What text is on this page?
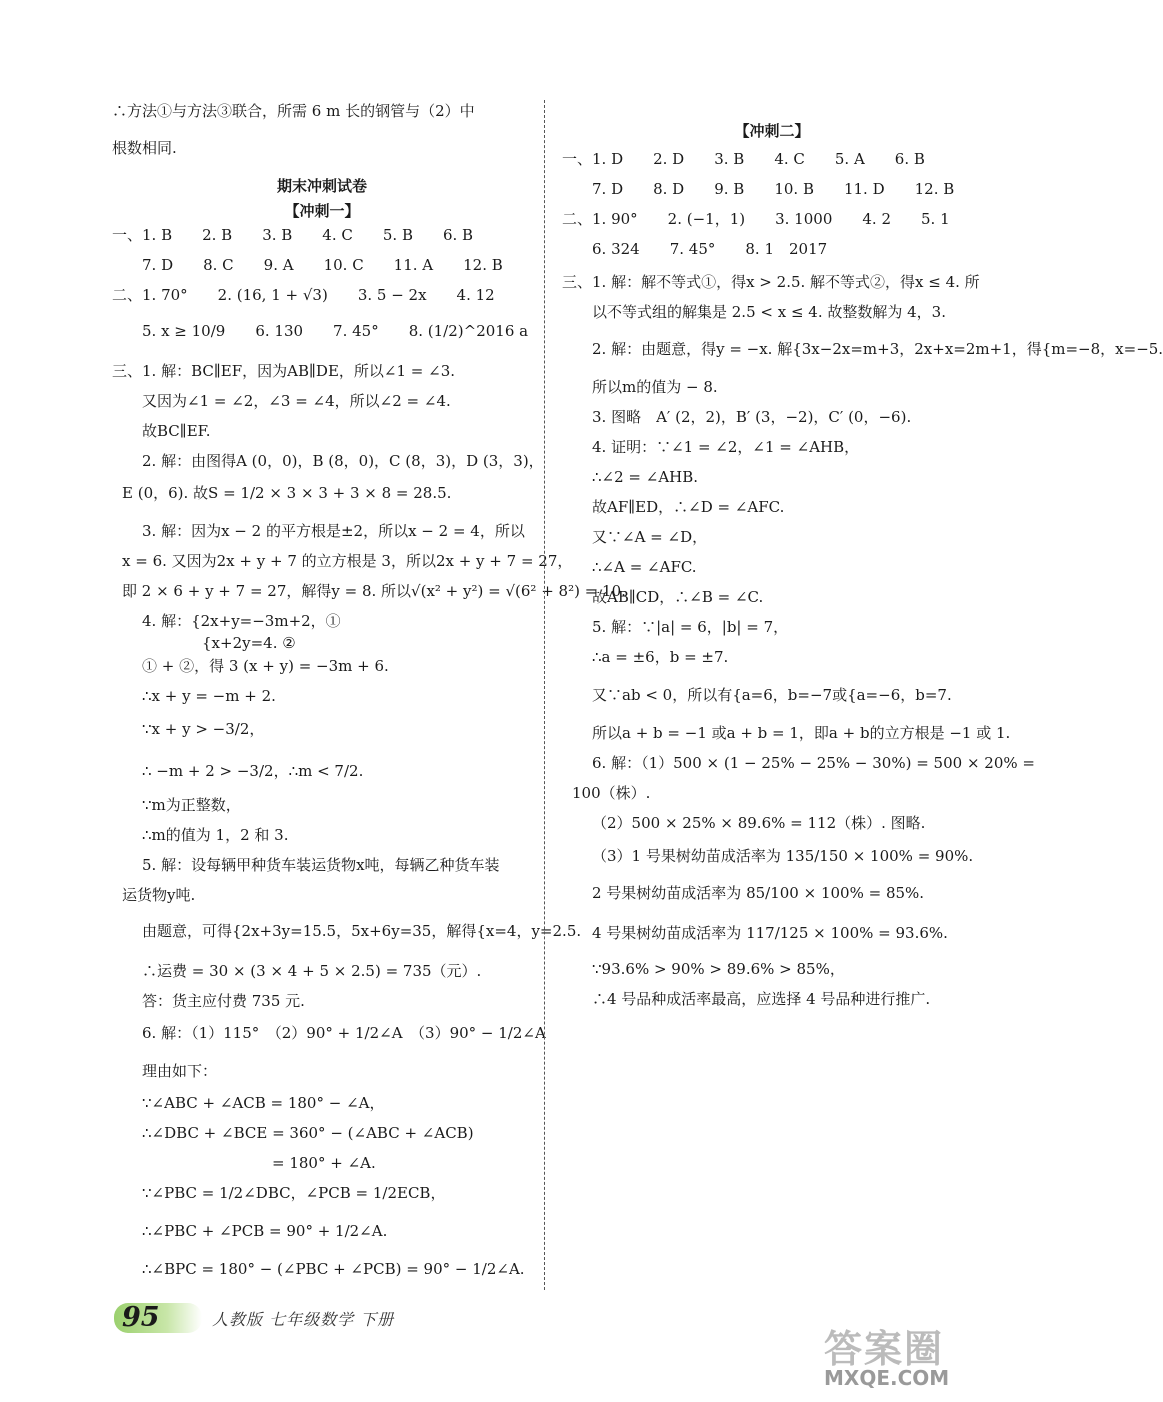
∴方法①与方法③联合，所需 6 m 长的钢管与（2）中
根数相同.
期末冲刺试卷
【冲刺一】
一、1. B　　2. B　　3. B　　4. C　　5. B　　6. B
7. D　　8. C　　9. A　　10. C　　11. A　　12. B
二、1. 70°　　2. (16, 1 + √3)　　3. 5 − 2x　　4. 12
5. x ≥ 10/9　　6. 130　　7. 45°　　8. (1/2)^2016 a
三、1. 解：BC∥EF，因为AB∥DE，所以∠1 = ∠3.
又因为∠1 = ∠2，∠3 = ∠4，所以∠2 = ∠4.
故BC∥EF.
2. 解：由图得A (0，0)，B (8，0)，C (8，3)，D (3，3)，
E (0，6). 故S = 1/2 × 3 × 3 + 3 × 8 = 28.5.
3. 解：因为x − 2 的平方根是±2，所以x − 2 = 4，所以
x = 6. 又因为2x + y + 7 的立方根是 3，所以2x + y + 7 = 27，
即 2 × 6 + y + 7 = 27，解得y = 8. 所以√(x² + y²) = √(6² + 8²) = 10.
4. 解：{2x+y=−3m+2，①
{x+2y=4. ②
① + ②，得 3 (x + y) = −3m + 6.
∴x + y = −m + 2.
∵x + y > −3/2，
∴ −m + 2 > −3/2，∴m < 7/2.
∵m为正整数，
∴m的值为 1，2 和 3.
5. 解：设每辆甲种货车装运货物x吨，每辆乙种货车装
运货物y吨.
由题意，可得{2x+3y=15.5，5x+6y=35，解得{x=4，y=2.5.
∴运费 = 30 × (3 × 4 + 5 × 2.5) = 735（元）.
答：货主应付费 735 元.
6. 解：（1）115°　（2）90° + 1/2∠A　（3）90° − 1/2∠A
理由如下：
∵∠ABC + ∠ACB = 180° − ∠A，
∴∠DBC + ∠BCE = 360° − (∠ABC + ∠ACB)
= 180° + ∠A.
∵∠PBC = 1/2∠DBC，∠PCB = 1/2ECB，
∴∠PBC + ∠PCB = 90° + 1/2∠A.
∴∠BPC = 180° − (∠PBC + ∠PCB) = 90° − 1/2∠A.
【冲刺二】
一、1. D　　2. D　　3. B　　4. C　　5. A　　6. B
7. D　　8. D　　9. B　　10. B　　11. D　　12. B
二、1. 90°　　2. (−1，1)　　3. 1000　　4. 2　　5. 1
6. 324　　7. 45°　　8. 1　2017
三、1. 解：解不等式①，得x > 2.5. 解不等式②，得x ≤ 4. 所
以不等式组的解集是 2.5 < x ≤ 4. 故整数解为 4，3.
2. 解：由题意，得y = −x. 解{3x−2x=m+3，2x+x=2m+1，得{m=−8，x=−5.
所以m的值为 − 8.
3. 图略　A′ (2，2)，B′ (3，−2)，C′ (0，−6).
4. 证明：∵∠1 = ∠2，∠1 = ∠AHB，
∴∠2 = ∠AHB.
故AF∥ED，∴∠D = ∠AFC.
又∵∠A = ∠D，
∴∠A = ∠AFC.
故AB∥CD，∴∠B = ∠C.
5. 解：∵|a| = 6，|b| = 7，
∴a = ±6，b = ±7.
又∵ab < 0，所以有{a=6，b=−7或{a=−6，b=7.
所以a + b = −1 或a + b = 1，即a + b的立方根是 −1 或 1.
6. 解：（1）500 × (1 − 25% − 25% − 30%) = 500 × 20% =
100（株）.
（2）500 × 25% × 89.6% = 112（株）. 图略.
（3）1 号果树幼苗成活率为 135/150 × 100% = 90%.
2 号果树幼苗成活率为 85/100 × 100% = 85%.
4 号果树幼苗成活率为 117/125 × 100% = 93.6%.
∵93.6% > 90% > 89.6% > 85%，
∴4 号品种成活率最高，应选择 4 号品种进行推广.
95	人教版 七年级数学 下册
答案圈
MXQE.COM
